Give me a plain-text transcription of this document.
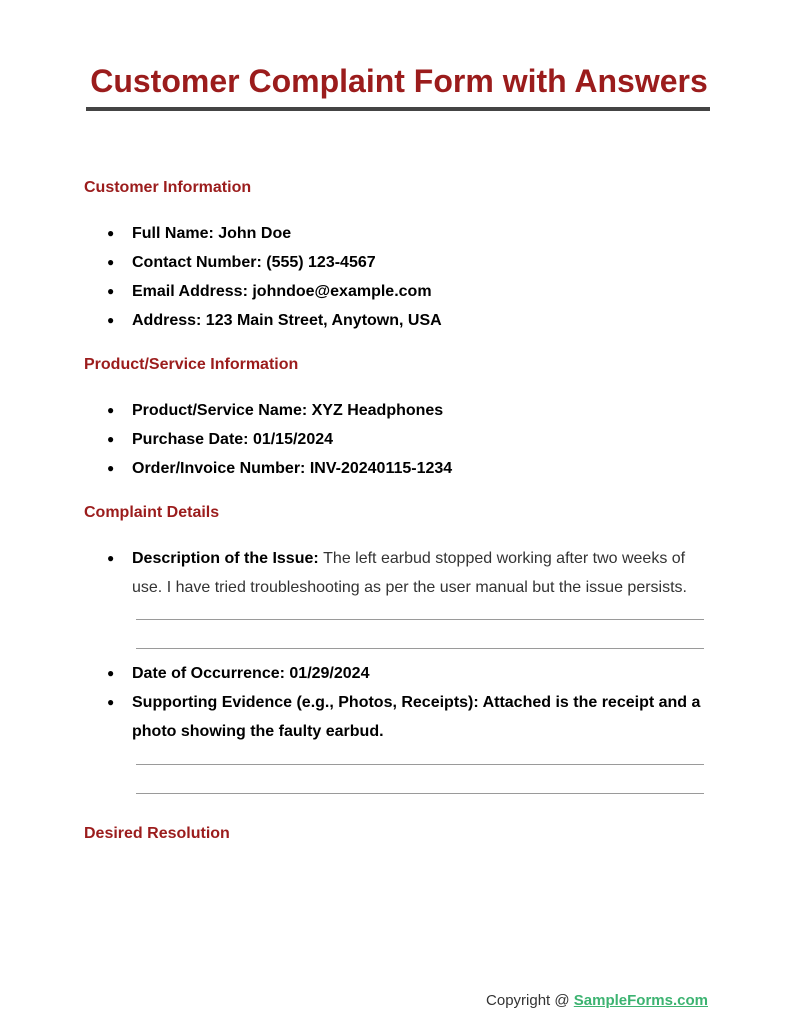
Customer Complaint Form with Answers
Customer Information
● Full Name: John Doe
● Contact Number: (555) 123-4567
● Email Address: johndoe@example.com
● Address: 123 Main Street, Anytown, USA
Product/Service Information
● Product/Service Name: XYZ Headphones
● Purchase Date: 01/15/2024
● Order/Invoice Number: INV-20240115-1234
Complaint Details
● Description of the Issue: The left earbud stopped working after two weeks of use. I have tried troubleshooting as per the user manual but the issue persists.
● Date of Occurrence: 01/29/2024
● Supporting Evidence (e.g., Photos, Receipts): Attached is the receipt and a photo showing the faulty earbud.
Desired Resolution
Copyright @ SampleForms.com
